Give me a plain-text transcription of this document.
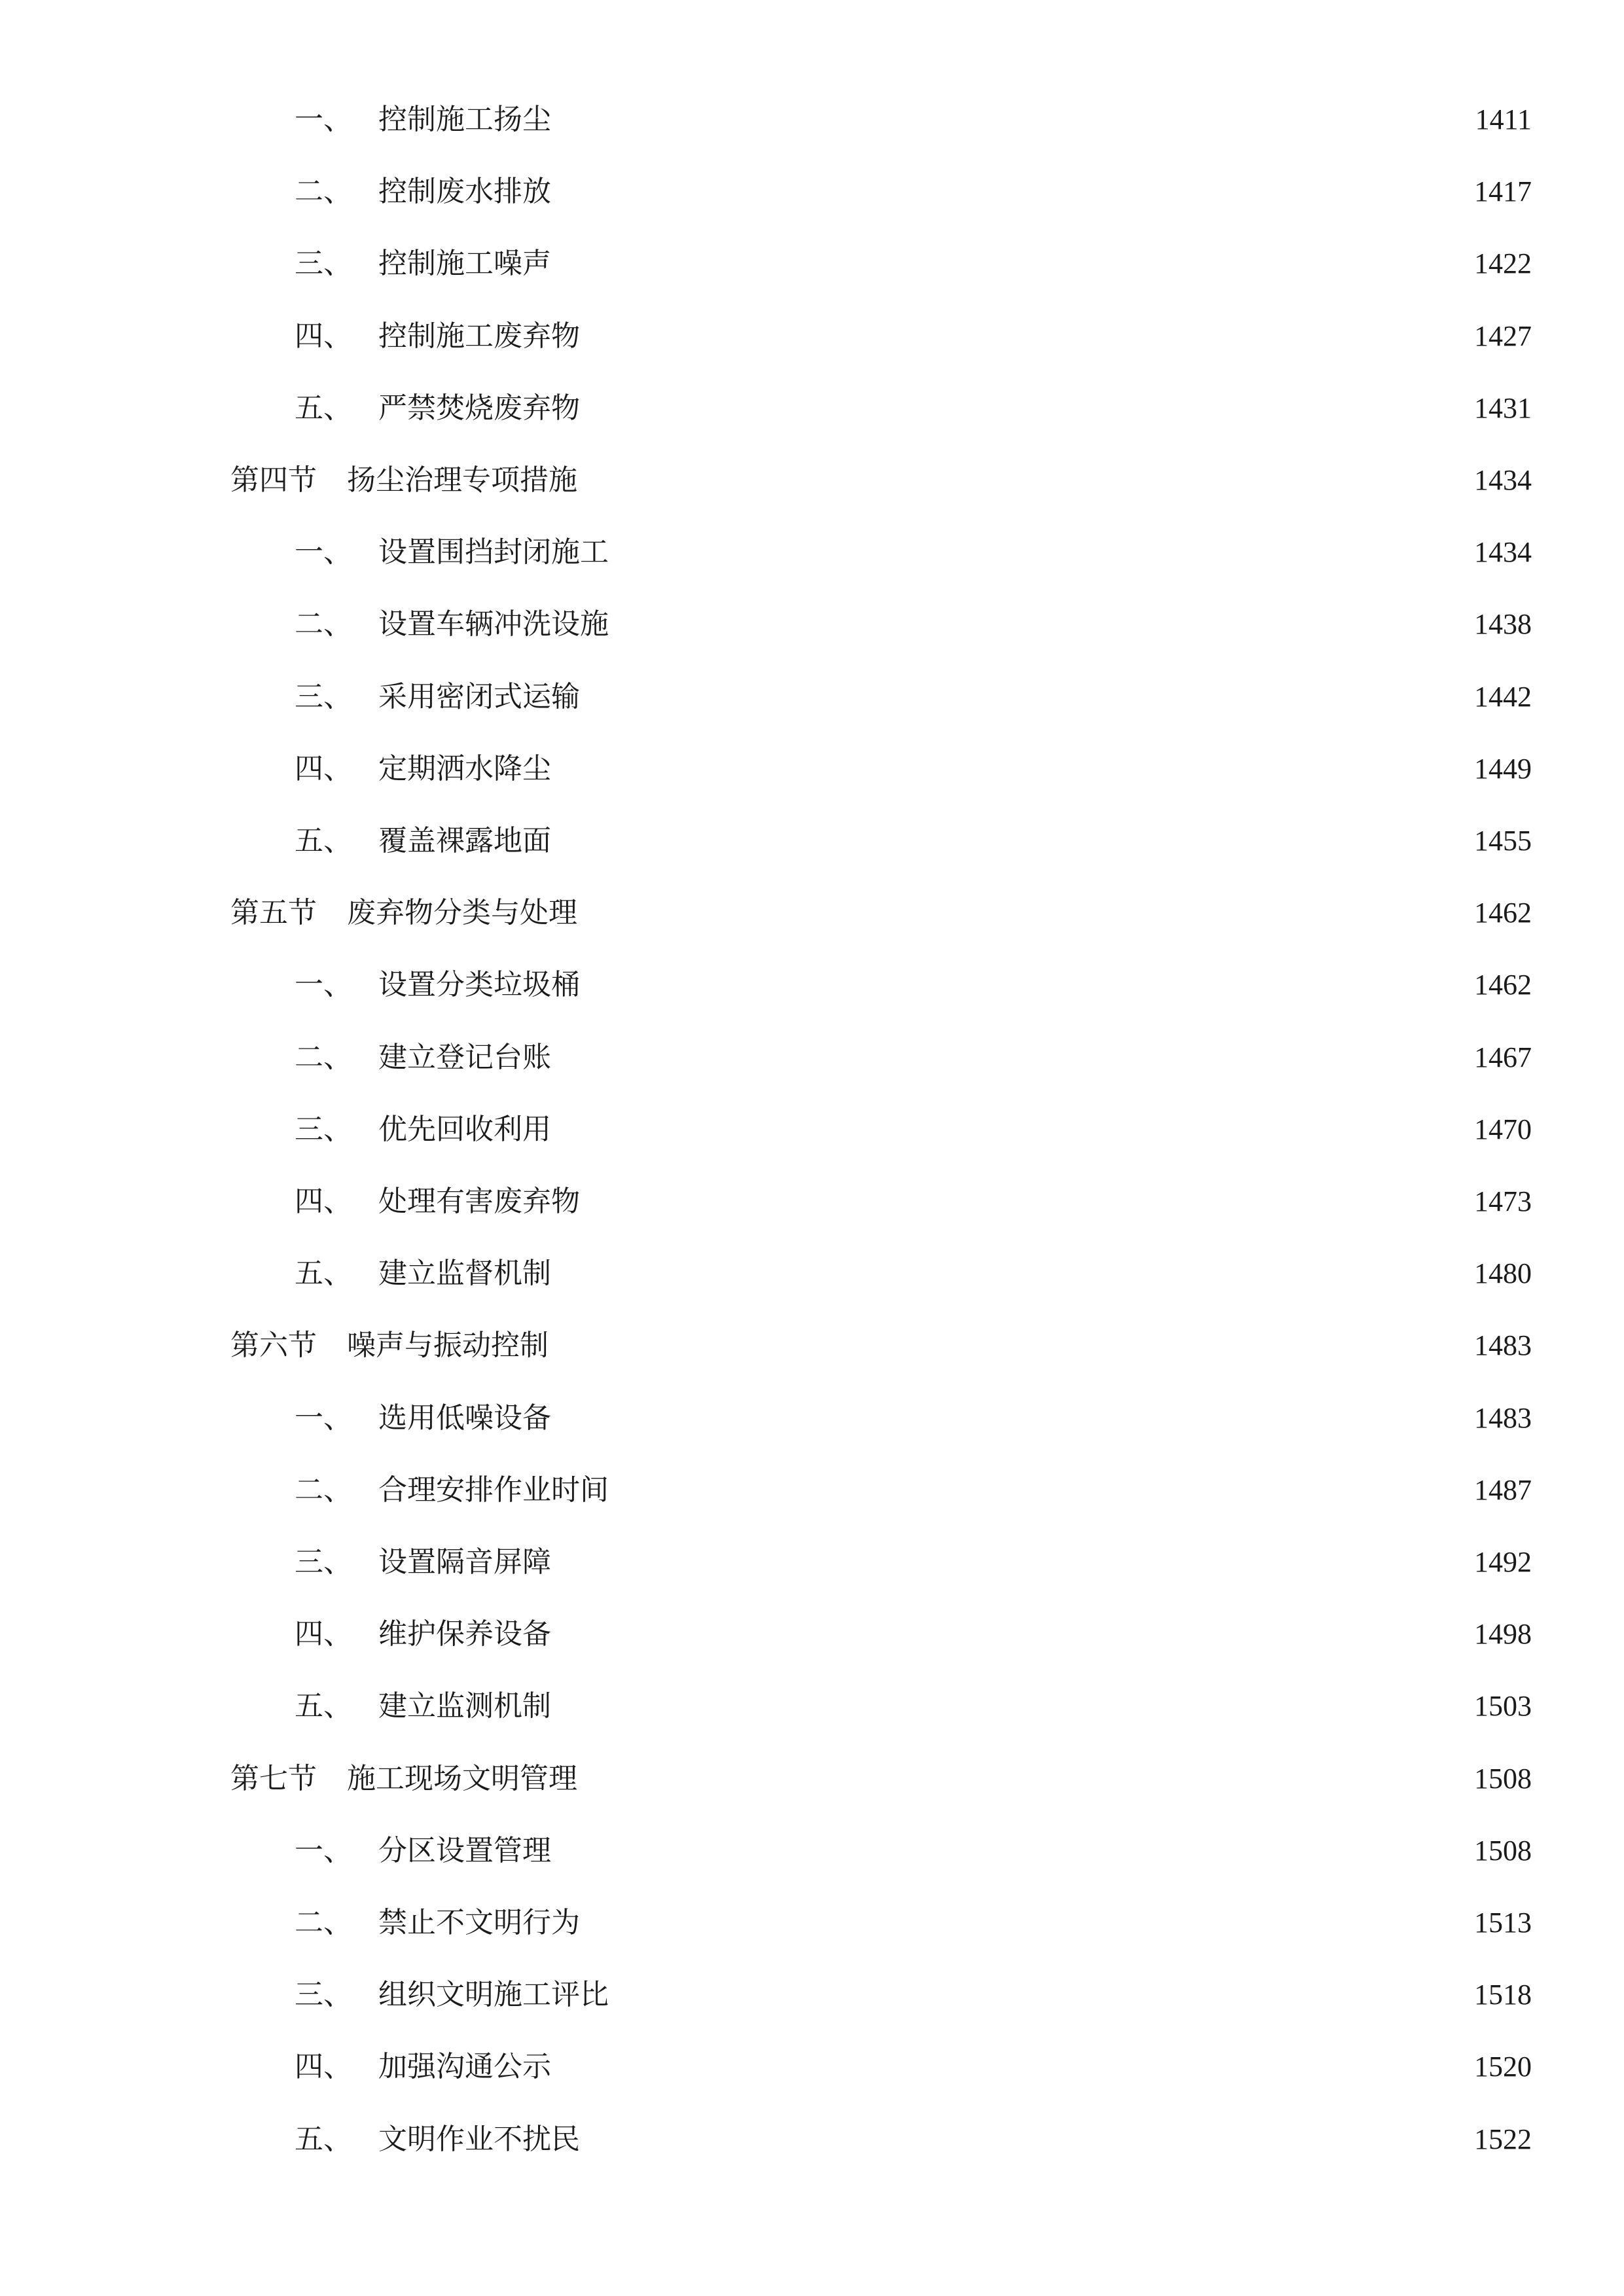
一、 控制施工扬尘	1411
二、 控制废水排放	1417
三、 控制施工噪声	1422
四、 控制施工废弃物	1427
五、 严禁焚烧废弃物	1431
第四节	扬尘治理专项措施	1434
一、 设置围挡封闭施工	1434
二、 设置车辆冲洗设施	1438
三、 采用密闭式运输	1442
四、 定期洒水降尘	1449
五、 覆盖裸露地面	1455
第五节	废弃物分类与处理	1462
一、 设置分类垃圾桶	1462
二、 建立登记台账	1467
三、 优先回收利用	1470
四、 处理有害废弃物	1473
五、 建立监督机制	1480
第六节	噪声与振动控制	1483
一、 选用低噪设备	1483
二、 合理安排作业时间	1487
三、 设置隔音屏障	1492
四、 维护保养设备	1498
五、 建立监测机制	1503
第七节	施工现场文明管理	1508
一、 分区设置管理	1508
二、 禁止不文明行为	1513
三、 组织文明施工评比	1518
四、 加强沟通公示	1520
五、 文明作业不扰民	1522
